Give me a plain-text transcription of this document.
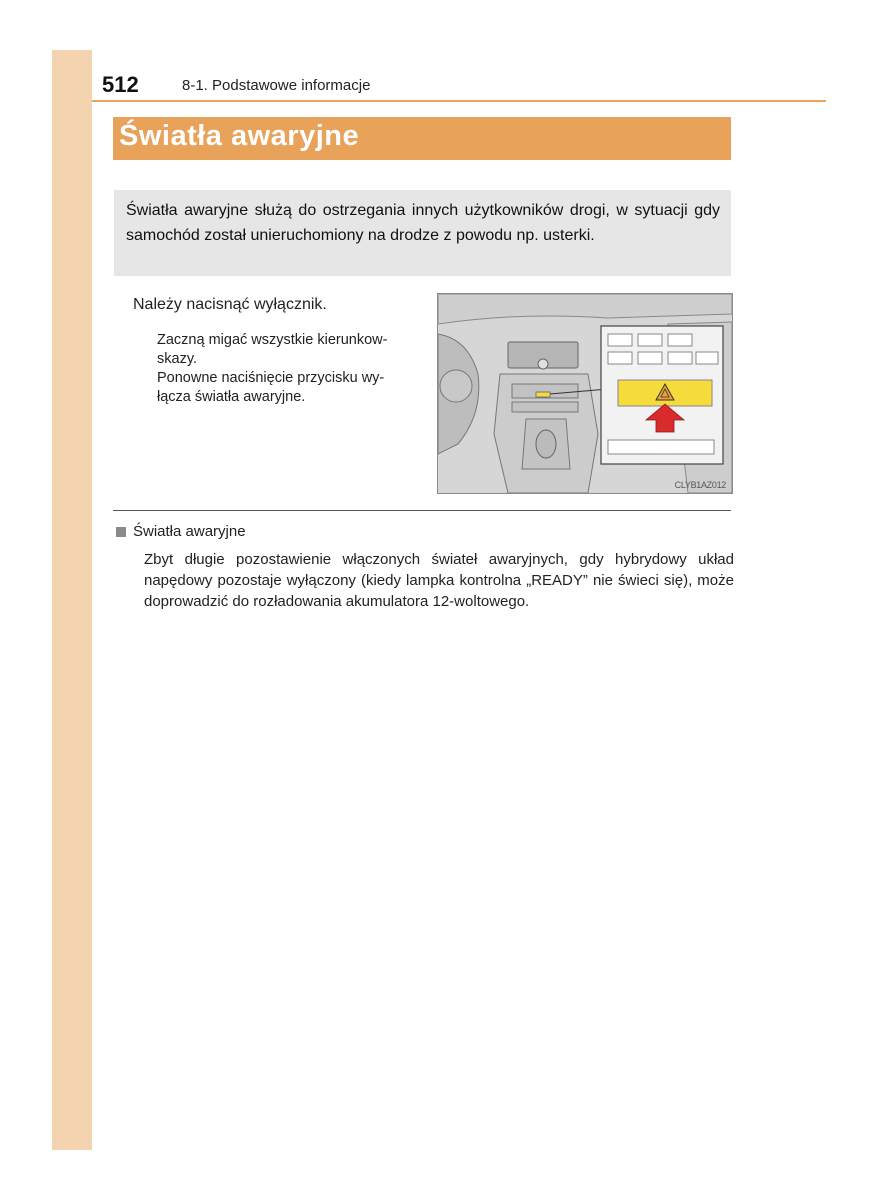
512	8-1. Podstawowe informacje
Światła awaryjne
Światła awaryjne służą do ostrzegania innych użytkowników drogi, w sytuacji gdy samochód został unieruchomiony na drodze z powodu np. usterki.
Należy nacisnąć wyłącznik.
Zaczną migać wszystkie kierunkow-
skazy.
Ponowne naciśnięcie przycisku wy-
łącza światła awaryjne.
CLYB1AZ012
Światła awaryjne
Zbyt długie pozostawienie włączonych świateł awaryjnych, gdy hybrydowy układ napędowy pozostaje wyłączony (kiedy lampka kontrolna „READY” nie świeci się), może doprowadzić do rozładowania akumulatora 12-woltowego.
